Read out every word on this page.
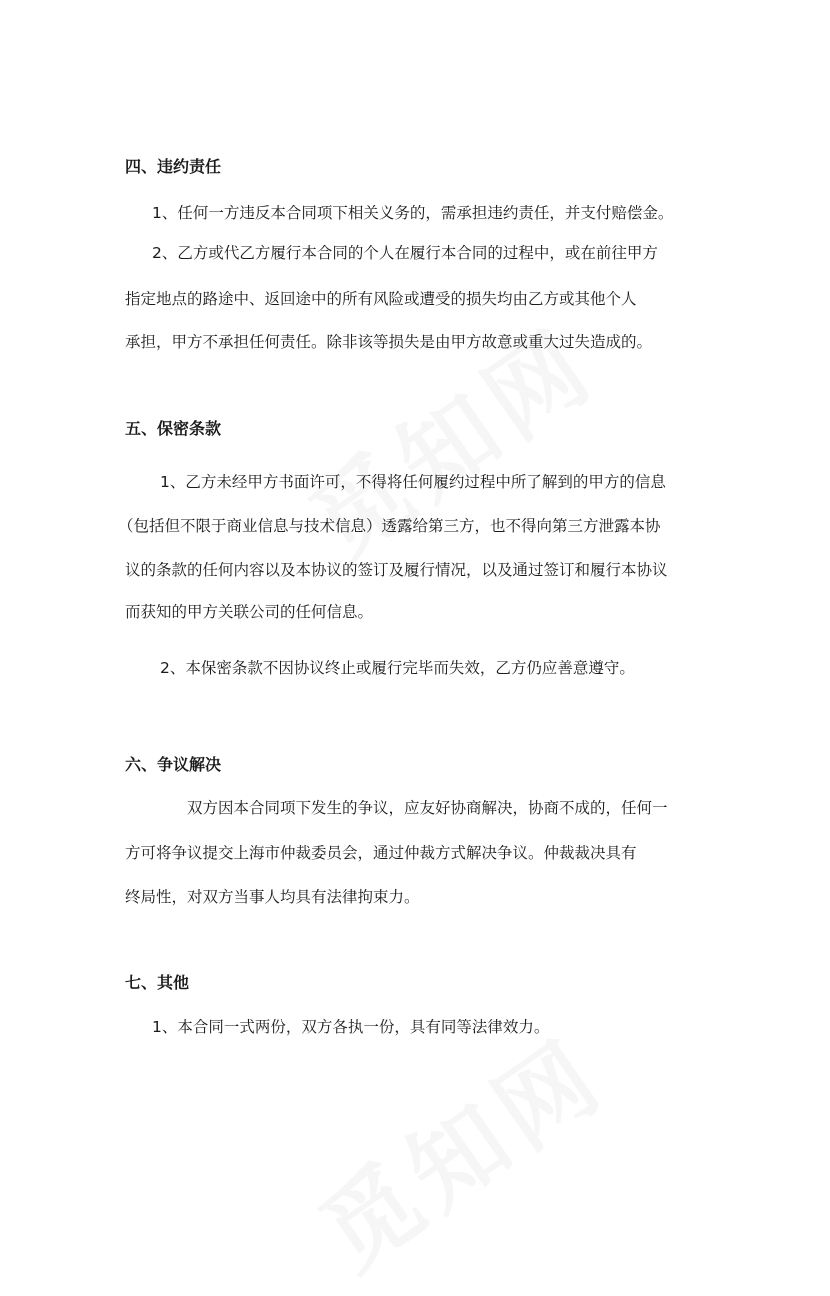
四、违约责任

1、任何一方违反本合同项下相关义务的，需承担违约责任，并支付赔偿金。

2、乙方或代乙方履行本合同的个人在履行本合同的过程中，或在前往甲方

指定地点的路途中、返回途中的所有风险或遭受的损失均由乙方或其他个人

承担，甲方不承担任何责任。除非该等损失是由甲方故意或重大过失造成的。

五、保密条款

1、乙方未经甲方书面许可，不得将任何履约过程中所了解到的甲方的信息

（包括但不限于商业信息与技术信息）透露给第三方，也不得向第三方泄露本协

议的条款的任何内容以及本协议的签订及履行情况，以及通过签订和履行本协议

而获知的甲方关联公司的任何信息。

2、本保密条款不因协议终止或履行完毕而失效，乙方仍应善意遵守。

六、争议解决

双方因本合同项下发生的争议，应友好协商解决，协商不成的，任何一

方可将争议提交上海市仲裁委员会，通过仲裁方式解决争议。仲裁裁决具有

终局性，对双方当事人均具有法律拘束力。

七、其他

1、本合同一式两份，双方各执一份，具有同等法律效力。
